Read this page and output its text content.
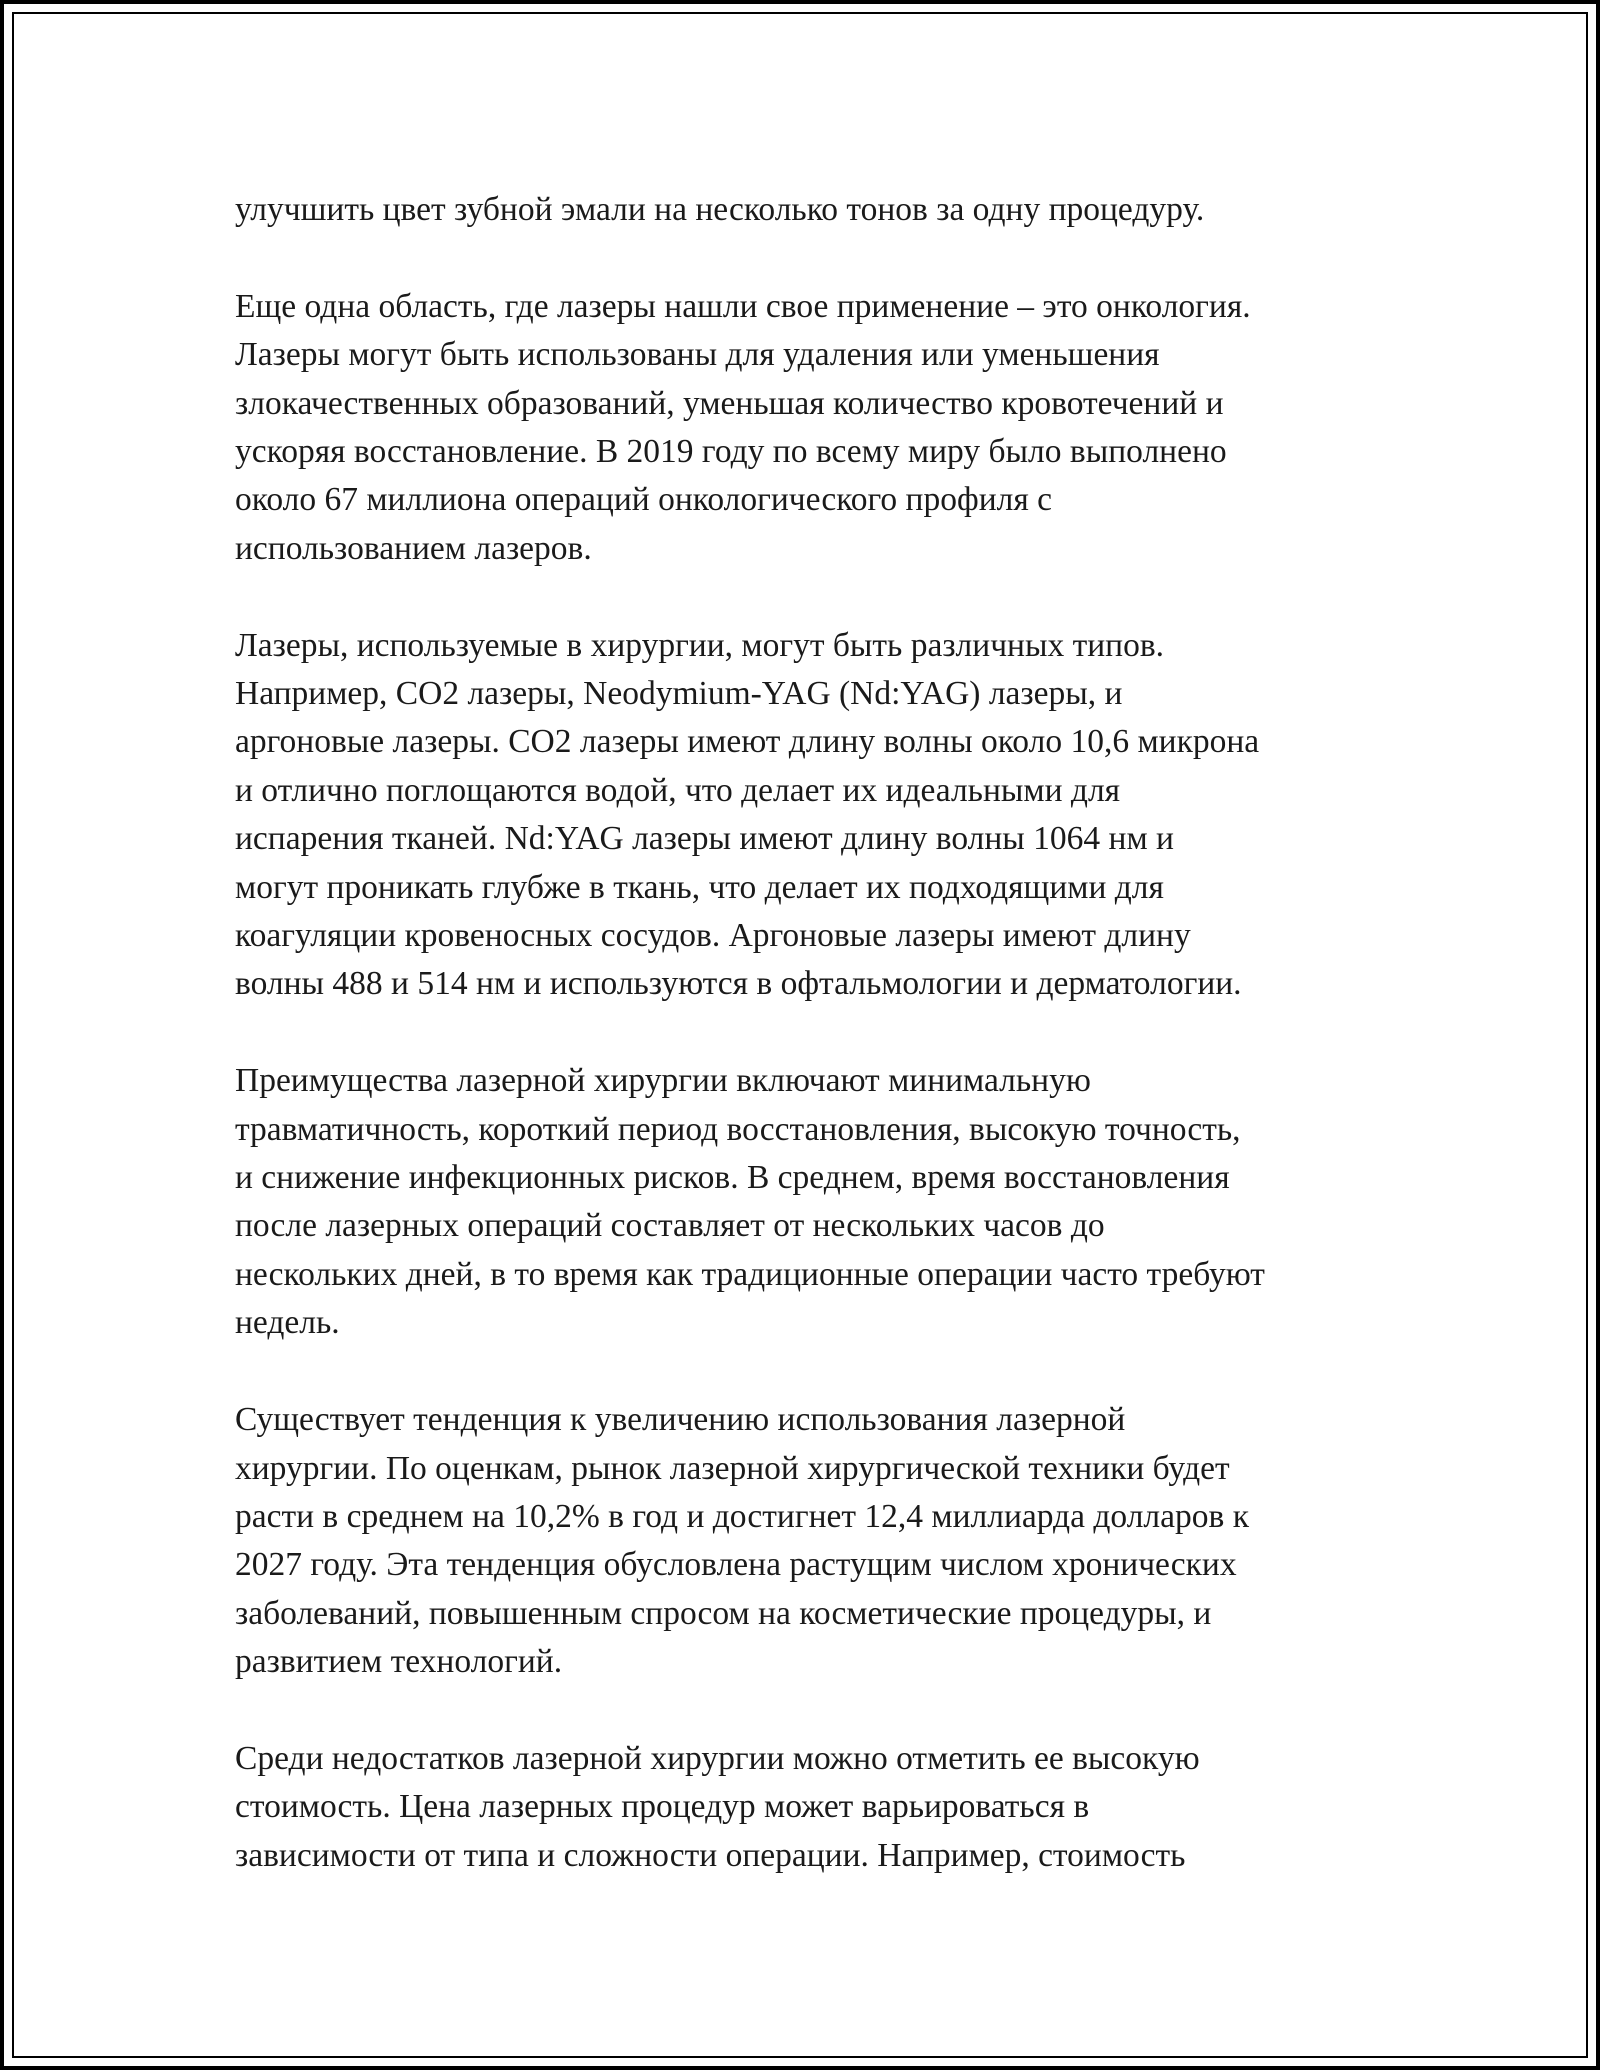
улучшить цвет зубной эмали на несколько тонов за одну процедуру.

Еще одна область, где лазеры нашли свое применение – это онкология.
Лазеры могут быть использованы для удаления или уменьшения
злокачественных образований, уменьшая количество кровотечений и
ускоряя восстановление. В 2019 году по всему миру было выполнено
около 67 миллиона операций онкологического профиля с
использованием лазеров.

Лазеры, используемые в хирургии, могут быть различных типов.
Например, CO2 лазеры, Neodymium-YAG (Nd:YAG) лазеры, и
аргоновые лазеры. CO2 лазеры имеют длину волны около 10,6 микрона
и отлично поглощаются водой, что делает их идеальными для
испарения тканей. Nd:YAG лазеры имеют длину волны 1064 нм и
могут проникать глубже в ткань, что делает их подходящими для
коагуляции кровеносных сосудов. Аргоновые лазеры имеют длину
волны 488 и 514 нм и используются в офтальмологии и дерматологии.

Преимущества лазерной хирургии включают минимальную
травматичность, короткий период восстановления, высокую точность,
и снижение инфекционных рисков. В среднем, время восстановления
после лазерных операций составляет от нескольких часов до
нескольких дней, в то время как традиционные операции часто требуют
недель.

Существует тенденция к увеличению использования лазерной
хирургии. По оценкам, рынок лазерной хирургической техники будет
расти в среднем на 10,2% в год и достигнет 12,4 миллиарда долларов к
2027 году. Эта тенденция обусловлена растущим числом хронических
заболеваний, повышенным спросом на косметические процедуры, и
развитием технологий.

Среди недостатков лазерной хирургии можно отметить ее высокую
стоимость. Цена лазерных процедур может варьироваться в
зависимости от типа и сложности операции. Например, стоимость
